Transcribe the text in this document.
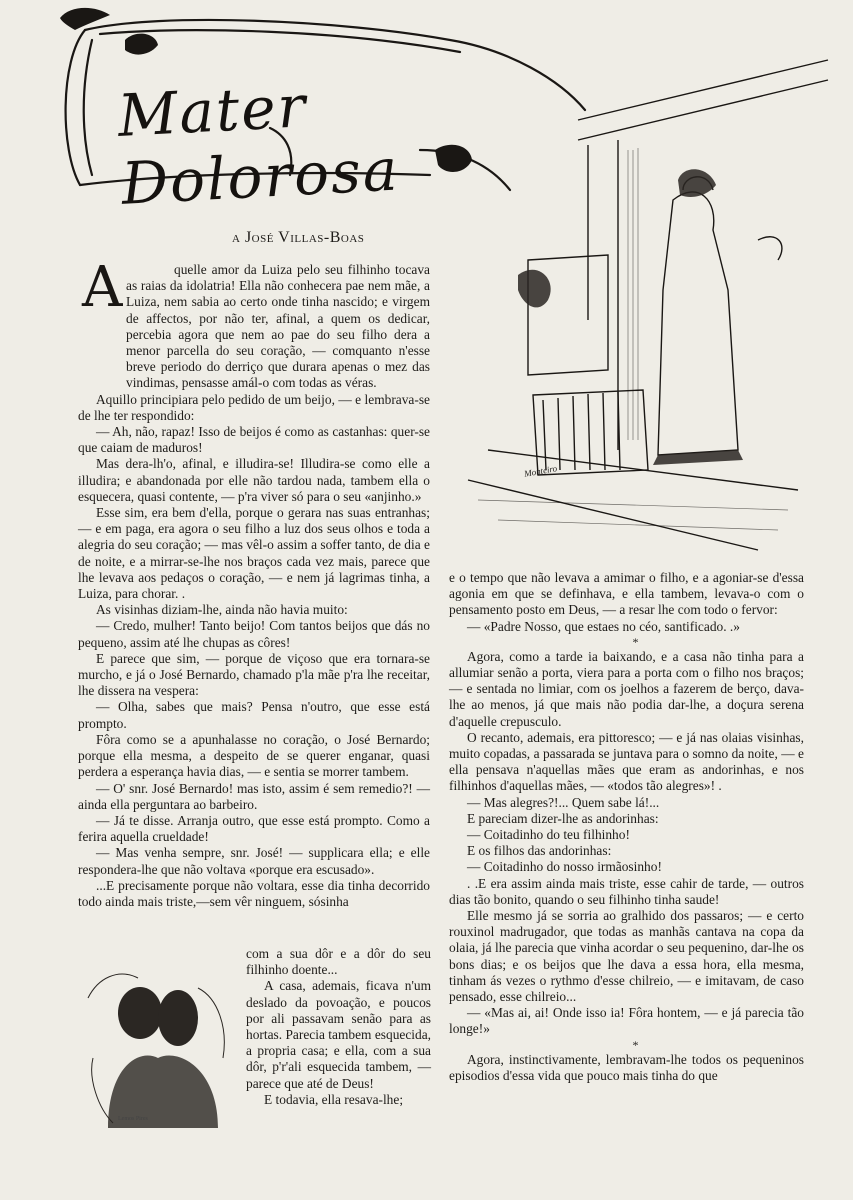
Mater Dolorosa
a José Villas-Boas
Monteiro
A	quelle amor da Luiza pelo seu filhinho tocava as raias da idolatria! Ella não conhecera pae nem mãe, a Luiza, nem sabia ao certo onde tinha nascido; e virgem de affectos, por não ter, afinal, a quem os dedicar, percebia agora que nem ao pae do seu filho dera a menor parcella do seu coração, — comquanto n'esse breve periodo do derriço que durara apenas o mez das vindimas, pensasse amál-o com todas as véras.

Aquillo principiara pelo pedido de um beijo, — e lembrava-se de lhe ter respondido:

— Ah, não, rapaz! Isso de beijos é como as castanhas: quer-se que caiam de maduros!

Mas dera-lh'o, afinal, e illudira-se! Illudira-se como elle a illudira; e abandonada por elle não tardou nada, tambem ella o esquecera, quasi contente, — p'ra viver só para o seu «anjinho.»

Esse sim, era bem d'ella, porque o gerara nas suas entranhas; — e em paga, era agora o seu filho a luz dos seus olhos e toda a alegria do seu coração; — mas vêl-o assim a soffer tanto, de dia e de noite, e a mirrar-se-lhe nos braços cada vez mais, parece que lhe levava aos pedaços o coração, — e nem já lagrimas tinha, a Luiza, para chorar. .

As visinhas diziam-lhe, ainda não havia muito:

— Credo, mulher! Tanto beijo! Com tantos beijos que dás no pequeno, assim até lhe chupas as côres!

E parece que sim, — porque de viçoso que era tornara-se murcho, e já o José Bernardo, chamado p'la mãe p'ra lhe receitar, lhe dissera na vespera:

— Olha, sabes que mais? Pensa n'outro, que esse está prompto.

Fôra como se a apunhalasse no coração, o José Bernardo; porque ella mesma, a despeito de se querer enganar, quasi perdera a esperança havia dias, — e sentia se morrer tambem.

— O' snr. José Bernardo! mas isto, assim é sem remedio?! — ainda ella perguntara ao barbeiro.

— Já te disse. Arranja outro, que esse está prompto. Como a ferira aquella crueldade!

— Mas venha sempre, snr. José! — supplicara ella; e elle respondera-lhe que não voltava «porque era escusado».

...E precisamente porque não voltara, esse dia tinha decorrido todo ainda mais triste,—sem vêr ninguem, sósinha

Lemos Pires

com a sua dôr e a dôr do seu filhinho doente...

A casa, ademais, ficava n'um deslado da povoação, e poucos por ali passavam senão para as hortas. Parecia tambem esquecida, a propria casa; e ella, com a sua dôr, p'r'ali esquecida tambem, — parece que até de Deus!

E todavia, ella resava-lhe;

e o tempo que não levava a amimar o filho, e a agoniar-se d'essa agonia em que se definhava, e ella tambem, levava-o com o pensamento posto em Deus, — a resar lhe com todo o fervor:

— «Padre Nosso, que estaes no céo, santificado. .»

*

Agora, como a tarde ia baixando, e a casa não tinha para a allumiar senão a porta, viera para a porta com o filho nos braços; — e sentada no limiar, com os joelhos a fazerem de berço, dava-lhe ao menos, já que mais não podia dar-lhe, a doçura serena d'aquelle crepusculo.

O recanto, ademais, era pittoresco; — e já nas olaias visinhas, muito copadas, a passarada se juntava para o somno da noite, — e ella pensava n'aquellas mães que eram as andorinhas, e nos filhinhos d'aquellas mães, — «todos tão alegres»! .

— Mas alegres?!... Quem sabe lá!...

E pareciam dizer-lhe as andorinhas:

— Coitadinho do teu filhinho!

E os filhos das andorinhas:

— Coitadinho do nosso irmãosinho!

. .E era assim ainda mais triste, esse cahir de tarde, — outros dias tão bonito, quando o seu filhinho tinha saude!

Elle mesmo já se sorria ao gralhido dos passaros; — e certo rouxinol madrugador, que todas as manhãs cantava na copa da olaia, já lhe parecia que vinha acordar o seu pequenino, dar-lhe os bons dias; e os beijos que lhe dava a essa hora, ella mesma, tinham ás vezes o rythmo d'esse chilreio, — e imitavam, de caso pensado, esse chilreio...

— «Mas ai, ai! Onde isso ia! Fôra hontem, — e já parecia tão longe!»

*

Agora, instinctivamente, lembravam-lhe todos os pequeninos episodios d'essa vida que pouco mais tinha do que
